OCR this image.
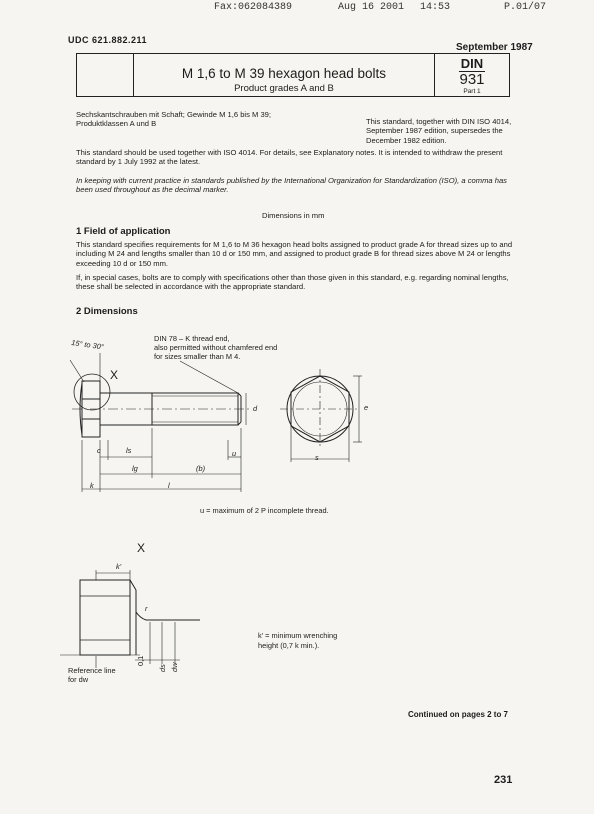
Fax:062084389	Aug 16 2001 14:53	P.01/07
UDC 621.882.211
September 1987
M 1,6 to M 39 hexagon head bolts
Product grades A and B
DIN
931
Part 1
Sechskantschrauben mit Schaft; Gewinde M 1,6 bis M 39; Produktklassen A und B	This standard, together with DIN ISO 4014, September 1987 edition, supersedes the December 1982 edition.
This standard should be used together with ISO 4014. For details, see Explanatory notes. It is intended to withdraw the present standard by 1 July 1992 at the latest.
In keeping with current practice in standards published by the International Organization for Standardization (ISO), a comma has been used throughout as the decimal marker.
Dimensions in mm
1 Field of application
This standard specifies requirements for M 1,6 to M 36 hexagon head bolts assigned to product grade A for thread sizes up to and including M 24 and lengths smaller than 10 d or 150 mm, and assigned to product grade B for thread sizes above M 24 or lengths exceeding 10 d or 150 mm.
If, in special cases, bolts are to comply with specifications other than those given in this standard, e.g. regarding nominal lengths, these shall be selected in accordance with the appropriate standard.
2 Dimensions
DIN 78 – K thread end,
also permitted without chamfered end
for sizes smaller than M 4.
15° to 30°
X
c	ls
lg	(b)
u
k	l
d	e
s
u = maximum of 2 P incomplete thread.
X
k'
r
0,1
ds dw
Reference line
for dw
k' = minimum wrenching
height (0,7 k min.).
Continued on pages 2 to 7
231
